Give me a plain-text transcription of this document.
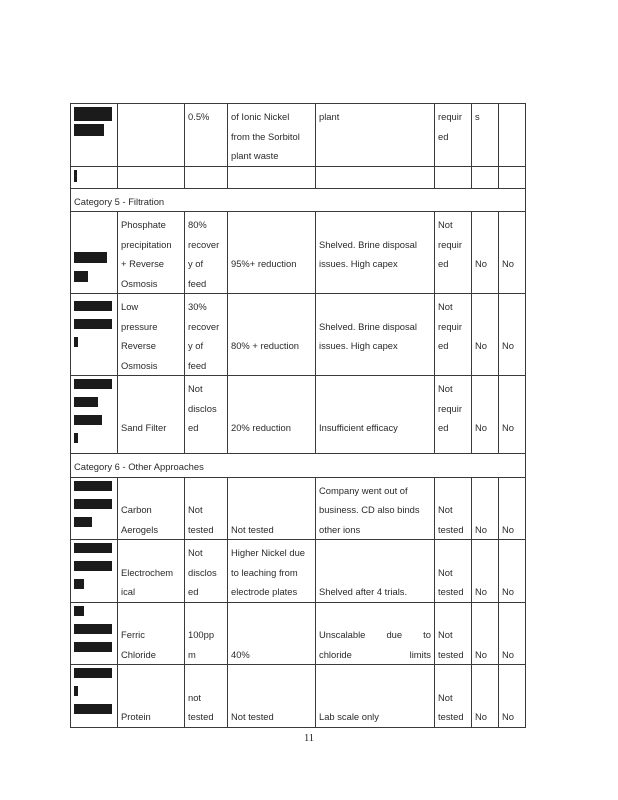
		0.5%	of Ionic Nickel
from the Sorbitol
plant waste	plant	requir
ed	s	

Category 5 - Filtration							

	Phosphate
precipitation
+ Reverse
Osmosis	80%
recover
y of
feed	95%+ reduction	Shelved. Brine disposal
issues. High capex	Not
requir
ed	No	No

	Low
pressure
Reverse
Osmosis	30%
recover
y of
feed	80% + reduction	Shelved. Brine disposal
issues. High capex	Not
requir
ed	No	No

	Sand Filter	Not
disclos
ed	20% reduction	Insufficient efficacy	Not
requir
ed	No	No

Category 6 - Other Approaches							

	Carbon
Aerogels	Not
tested	Not tested	Company went out of
business. CD also binds
other ions	Not
tested	No	No

	Electrochem
ical	Not
disclos
ed	Higher Nickel due
to leaching from
electrode plates	Shelved after 4 trials.	Not
tested	No	No

	Ferric
Chloride	100pp
m	40%	Unscalable due to
chloride limits	Not
tested	No	No

	Protein	not
tested	Not tested	Lab scale only	Not
tested	No	No
11
